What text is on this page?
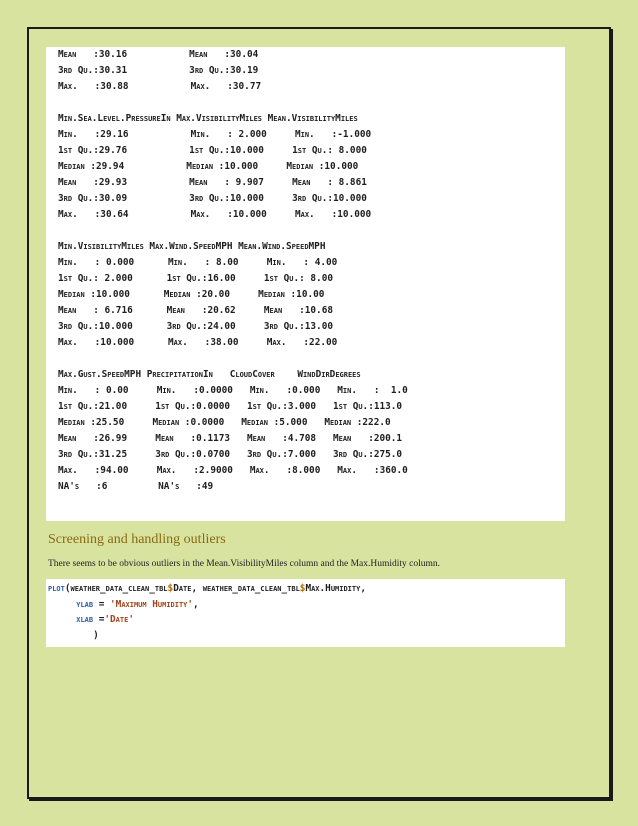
Mean   :30.16           Mean   :30.04
3rd Qu.:30.31           3rd Qu.:30.19
Max.   :30.88           Max.   :30.77
Min.Sea.Level.PressureIn Max.VisibilityMiles Mean.VisibilityMiles
Min.   :29.16           Min.   : 2.000     Min.   :-1.000
1st Qu.:29.76           1st Qu.:10.000     1st Qu.: 8.000
Median :29.94           Median :10.000     Median :10.000
Mean   :29.93           Mean   : 9.907     Mean   : 8.861
3rd Qu.:30.09           3rd Qu.:10.000     3rd Qu.:10.000
Max.   :30.64           Max.   :10.000     Max.   :10.000
Min.VisibilityMiles Max.Wind.SpeedMPH Mean.Wind.SpeedMPH
Min.   : 0.000      Min.   : 8.00     Min.   : 4.00
1st Qu.: 2.000      1st Qu.:16.00     1st Qu.: 8.00
Median :10.000      Median :20.00     Median :10.00
Mean   : 6.716      Mean   :20.62     Mean   :10.68
3rd Qu.:10.000      3rd Qu.:24.00     3rd Qu.:13.00
Max.   :10.000      Max.   :38.00     Max.   :22.00
Max.Gust.SpeedMPH PrecipitationIn   CloudCover    WindDirDegrees
Min.   : 0.00     Min.   :0.0000   Min.   :0.000   Min.   :  1.0
1st Qu.:21.00     1st Qu.:0.0000   1st Qu.:3.000   1st Qu.:113.0
Median :25.50     Median :0.0000   Median :5.000   Median :222.0
Mean   :26.99     Mean   :0.1173   Mean   :4.708   Mean   :200.1
3rd Qu.:31.25     3rd Qu.:0.0700   3rd Qu.:7.000   3rd Qu.:275.0
Max.   :94.00     Max.   :2.9000   Max.   :8.000   Max.   :360.0
NA's   :6         NA's   :49
Screening and handling outliers
There seems to be obvious outliers in the Mean.VisibilityMiles column and the Max.Humidity column.
plot(weather_data_clean_tbl$Date, weather_data_clean_tbl$Max.Humidity,
ylab = 'Maximum Humidity',
xlab ='Date'
)
